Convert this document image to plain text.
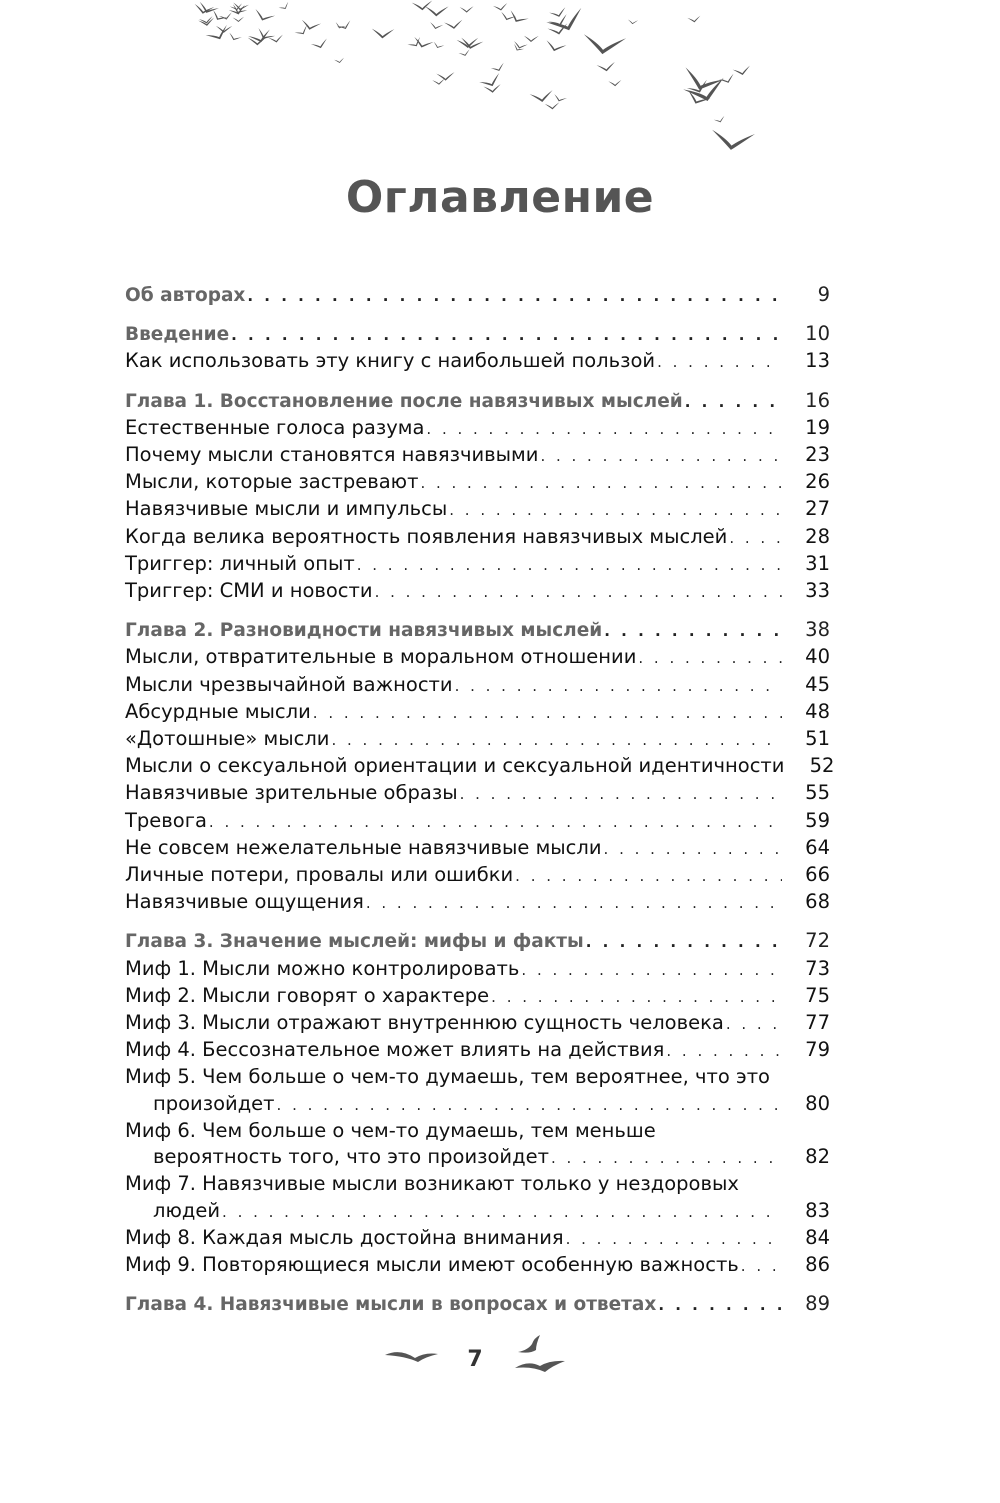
Оглавление
Об авторах . . .	9
Введение . . .	10
Как использовать эту книгу с наибольшей пользой . . .	13
Глава 1. Восстановление после навязчивых мыслей . . .	16
Естественные голоса разума . . .	19
Почему мысли становятся навязчивыми . . .	23
Мысли, которые застревают . . .	26
Навязчивые мысли и импульсы . . .	27
Когда велика вероятность появления навязчивых мыслей . . .	28
Триггер: личный опыт . . .	31
Триггер: СМИ и новости . . .	33
Глава 2. Разновидности навязчивых мыслей . . .	38
Мысли, отвратительные в моральном отношении . . .	40
Мысли чрезвычайной важности . . .	45
Абсурдные мысли . . .	48
«Дотошные» мысли . . .	51
Мысли о сексуальной ориентации и сексуальной идентичности	52
Навязчивые зрительные образы . . .	55
Тревога . . .	59
Не совсем нежелательные навязчивые мысли . . .	64
Личные потери, провалы или ошибки . . .	66
Навязчивые ощущения . . .	68
Глава 3. Значение мыслей: мифы и факты . . .	72
Миф 1. Мысли можно контролировать . . .	73
Миф 2. Мысли говорят о характере . . .	75
Миф 3. Мысли отражают внутреннюю сущность человека . . .	77
Миф 4. Бессознательное может влиять на действия . . .	79
Миф 5. Чем больше о чем-то думаешь, тем вероятнее, что это
произойдет . . .	80
Миф 6. Чем больше о чем-то думаешь, тем меньше
вероятность того, что это произойдет . . .	82
Миф 7. Навязчивые мысли возникают только у нездоровых
людей . . .	83
Миф 8. Каждая мысль достойна внимания . . .	84
Миф 9. Повторяющиеся мысли имеют особенную важность . . .	86
Глава 4. Навязчивые мысли в вопросах и ответах . . .	89
7
